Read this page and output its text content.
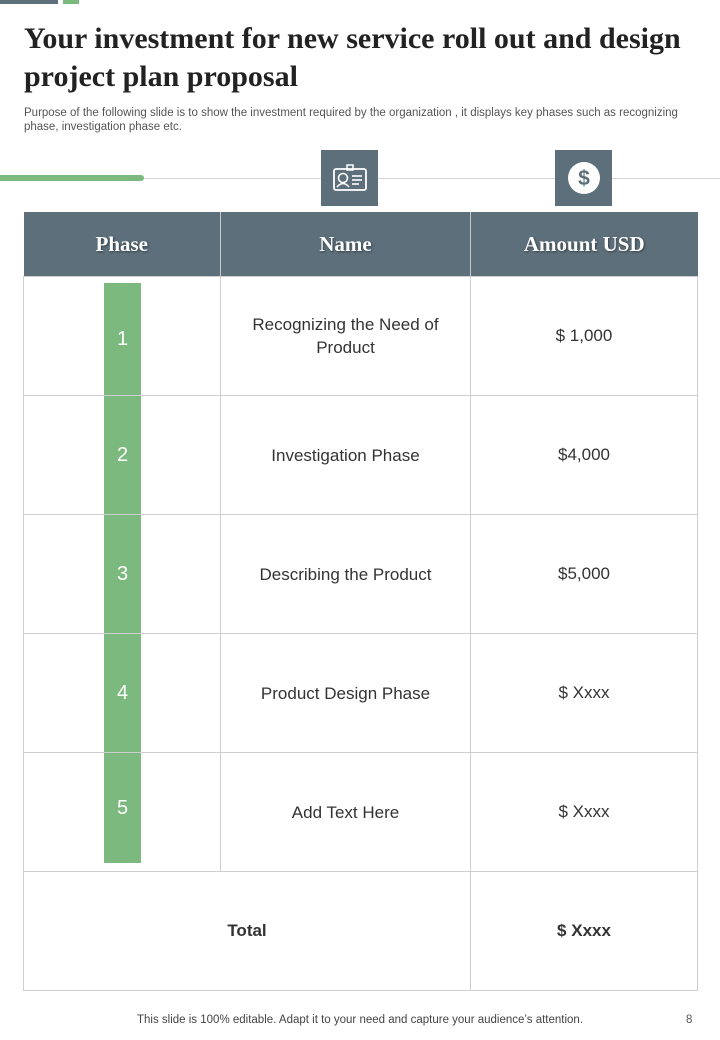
Your investment for new service roll out and design project plan proposal
Purpose of the following slide is to show the investment required by the organization , it displays key phases such as recognizing phase, investigation phase etc.
$
Phase	Name	Amount USD

1	Recognizing the Need of Product	$ 1,000

2	Investigation Phase	$4,000

3	Describing the Product	$5,000

4	Product Design Phase	$ Xxxx

5	Add Text Here	$ Xxxx
Total		$ Xxxx
This slide is 100% editable. Adapt it to your need and capture your audience’s attention.	8
